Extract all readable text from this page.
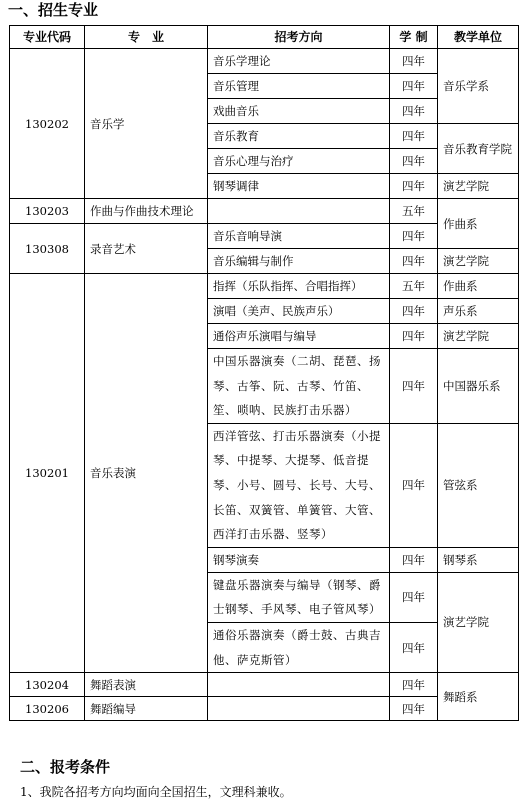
一、招生专业
专业代码	专　业	招考方向	学 制	教学单位
130202	音乐学	音乐学理论	四年	音乐学系
		音乐管理	四年	
		戏曲音乐	四年	
		音乐教育	四年	音乐教育学院
		音乐心理与治疗	四年	
		钢琴调律	四年	演艺学院
130203	作曲与作曲技术理论		五年	作曲系
130308	录音艺术	音乐音响导演	四年	
		音乐编辑与制作	四年	演艺学院
130201	音乐表演	指挥（乐队指挥、合唱指挥）	五年	作曲系
		演唱（美声、民族声乐）	四年	声乐系
		通俗声乐演唱与编导	四年	演艺学院
		中国乐器演奏（二胡、琵琶、扬琴、古筝、阮、古琴、竹笛、笙、唢呐、民族打击乐器）	四年	中国器乐系
		西洋管弦、打击乐器演奏（小提琴、中提琴、大提琴、低音提琴、小号、圆号、长号、大号、长笛、双簧管、单簧管、大管、西洋打击乐器、竖琴）	四年	管弦系
		钢琴演奏	四年	钢琴系
		键盘乐器演奏与编导（钢琴、爵士钢琴、手风琴、电子管风琴）	四年	演艺学院
		通俗乐器演奏（爵士鼓、古典吉他、萨克斯管）	四年	
130204	舞蹈表演		四年	舞蹈系
130206	舞蹈编导		四年	
二、报考条件
1、我院各招考方向均面向全国招生，文理科兼收。
